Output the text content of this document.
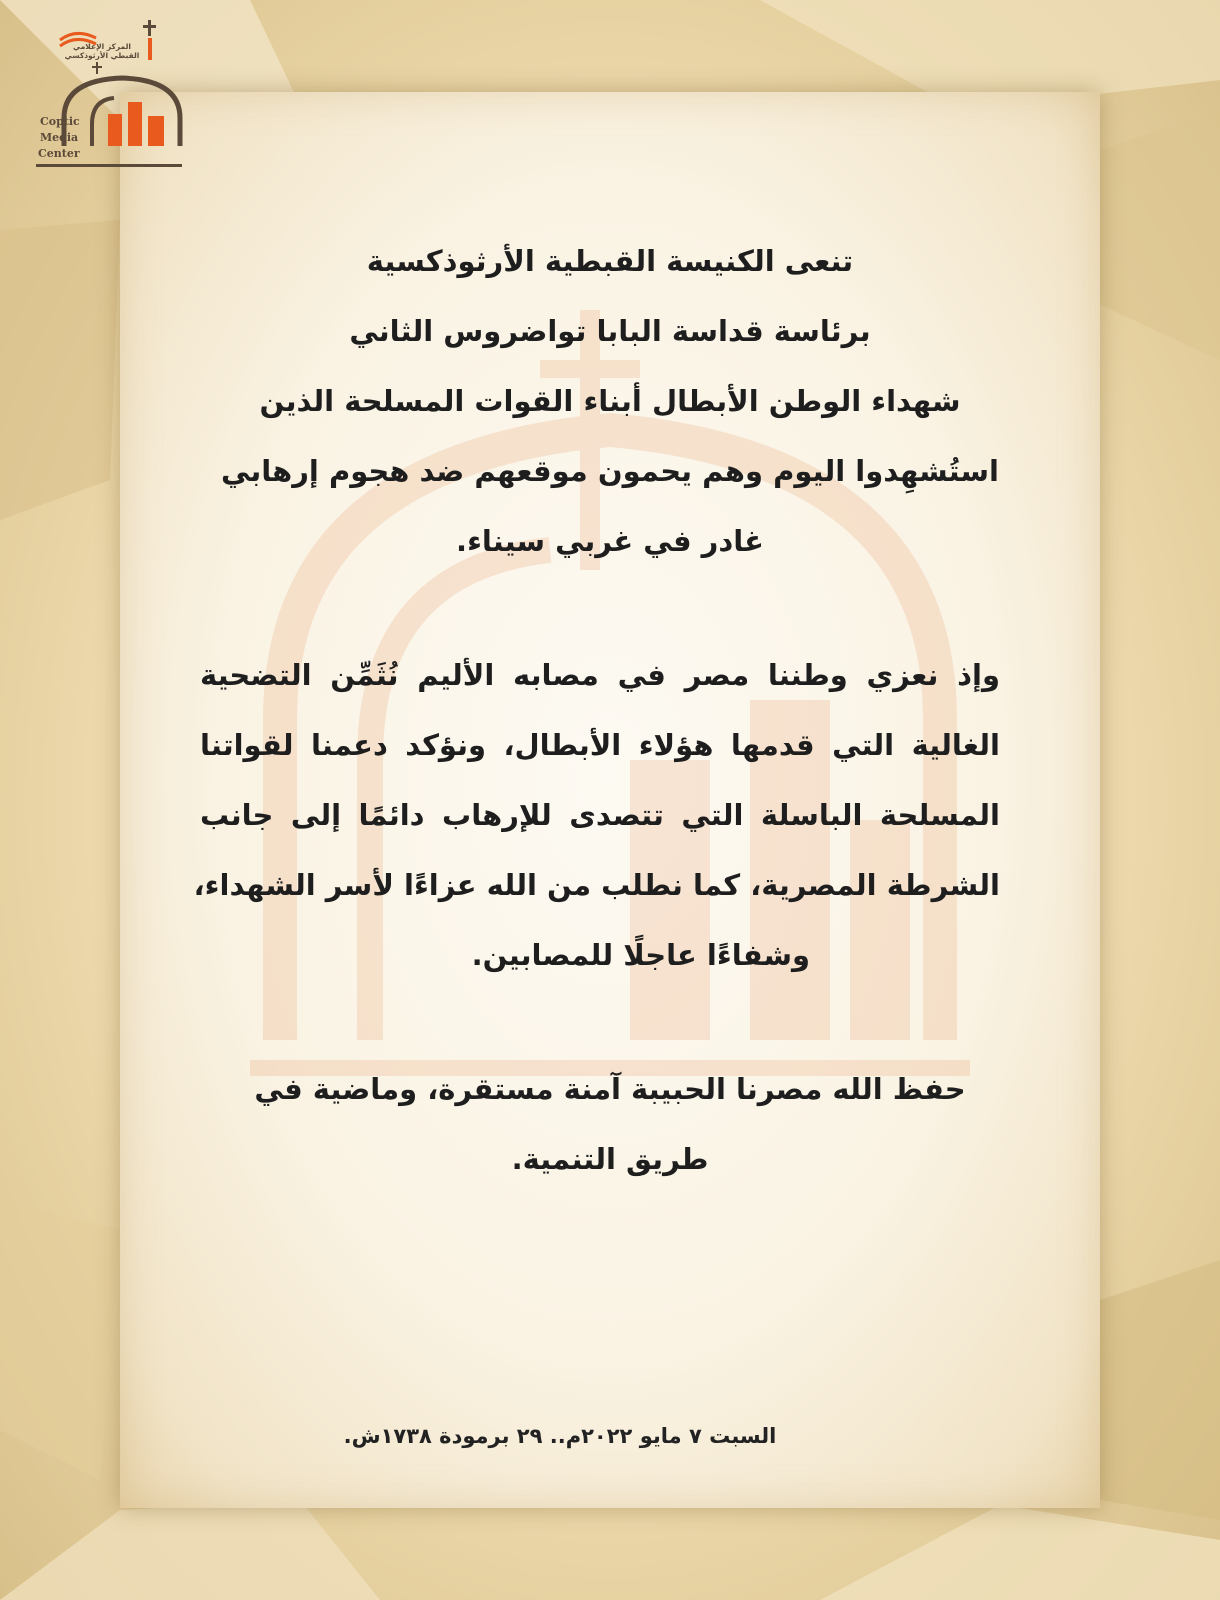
المركز الإعلامي
القبطي الأرثوذكسي
Coptic
Media
Center
تنعى الكنيسة القبطية الأرثوذكسية
برئاسة قداسة البابا تواضروس الثاني
شهداء الوطن الأبطال أبناء القوات المسلحة الذين
استُشهِدوا اليوم وهم يحمون موقعهم ضد هجوم إرهابي
غادر في غربي سيناء.
وإذ نعزي وطننا مصر في مصابه الأليم نُثَمِّن التضحية
الغالية التي قدمها هؤلاء الأبطال، ونؤكد دعمنا لقواتنا
المسلحة الباسلة التي تتصدى للإرهاب دائمًا إلى جانب
الشرطة المصرية، كما نطلب من الله عزاءًا لأسر الشهداء،
وشفاءًا عاجلًا للمصابين.
حفظ الله مصرنا الحبيبة آمنة مستقرة، وماضية في
طريق التنمية.
السبت ٧ مايو ٢٠٢٢م.. ٢٩ برمودة ١٧٣٨ش.
